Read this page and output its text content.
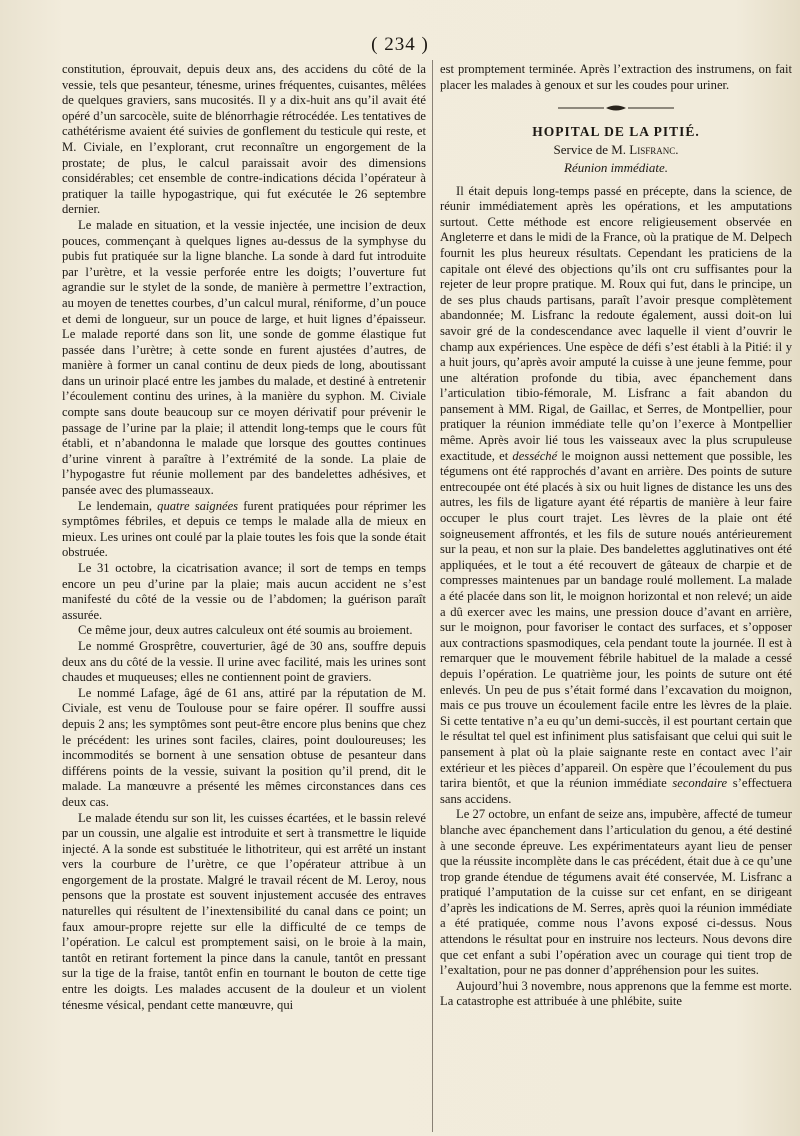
( 234 )

constitution, éprouvait, depuis deux ans, des accidens du côté de la vessie, tels que pesanteur, ténesme, urines fréquentes, cuisantes, mêlées de quelques graviers, sans mucosités. Il y a dix-huit ans qu’il avait été opéré d’un sarcocèle, suite de blénorrhagie rétrocédée. Les tentatives de cathétérisme avaient été suivies de gonflement du testicule qui reste, et M. Civiale, en l’explorant, crut reconnaître un engorgement de la prostate; de plus, le calcul paraissait avoir des dimensions considérables; cet ensemble de contre-indications décida l’opérateur à pratiquer la taille hypogastrique, qui fut exécutée le 26 septembre dernier.

Le malade en situation, et la vessie injectée, une incision de deux pouces, commençant à quelques lignes au-dessus de la symphyse du pubis fut pratiquée sur la ligne blanche. La sonde à dard fut introduite par l’urètre, et la vessie perforée entre les doigts; l’ouverture fut agrandie sur le stylet de la sonde, de manière à permettre l’extraction, au moyen de tenettes courbes, d’un calcul mural, réniforme, d’un pouce et demi de longueur, sur un pouce de large, et huit lignes d’épaisseur. Le malade reporté dans son lit, une sonde de gomme élastique fut passée dans l’urètre; à cette sonde en furent ajustées d’autres, de manière à former un canal continu de deux pieds de long, aboutissant dans un urinoir placé entre les jambes du malade, et destiné à entretenir l’écoulement continu des urines, à la manière du syphon. M. Civiale compte sans doute beaucoup sur ce moyen dérivatif pour prévenir le passage de l’urine par la plaie; il attendit long-temps que le cours fût établi, et n’abandonna le malade que lorsque des gouttes continues d’urine vinrent à paraître à l’extrémité de la sonde. La plaie de l’hypogastre fut réunie mollement par des bandelettes adhésives, et pansée avec des plumasseaux.

Le lendemain, quatre saignées furent pratiquées pour réprimer les symptômes fébriles, et depuis ce temps le malade alla de mieux en mieux. Les urines ont coulé par la plaie toutes les fois que la sonde était obstruée.

Le 31 octobre, la cicatrisation avance; il sort de temps en temps encore un peu d’urine par la plaie; mais aucun accident ne s’est manifesté du côté de la vessie ou de l’abdomen; la guérison paraît assurée.

Ce même jour, deux autres calculeux ont été soumis au broiement.

Le nommé Grosprêtre, couverturier, âgé de 30 ans, souffre depuis deux ans du côté de la vessie. Il urine avec facilité, mais les urines sont chaudes et muqueuses; elles ne contiennent point de graviers.

Le nommé Lafage, âgé de 61 ans, attiré par la réputation de M. Civiale, est venu de Toulouse pour se faire opérer. Il souffre aussi depuis 2 ans; les symptômes sont peut-être encore plus benins que chez le précédent: les urines sont faciles, claires, point douloureuses; les incommodités se bornent à une sensation obtuse de pesanteur dans différens points de la vessie, suivant la position qu’il prend, dit le malade. La manœuvre a présenté les mêmes circonstances dans ces deux cas.

Le malade étendu sur son lit, les cuisses écartées, et le bassin relevé par un coussin, une algalie est introduite et sert à transmettre le liquide injecté. A la sonde est substituée le lithotriteur, qui est arrêté un instant vers la courbure de l’urètre, ce que l’opérateur attribue à un engorgement de la prostate. Malgré le travail récent de M. Leroy, nous pensons que la prostate est souvent injustement accusée des entraves naturelles qui résultent de l’inextensibilité du canal dans ce point; un faux amour-propre rejette sur elle la difficulté de ce temps de l’opération. Le calcul est promptement saisi, on le broie à la main, tantôt en retirant fortement la pince dans la canule, tantôt en pressant sur la tige de la fraise, tantôt enfin en tournant le bouton de cette tige entre les doigts. Les malades accusent de la douleur et un violent ténesme vésical, pendant cette manœuvre, qui

est promptement terminée. Après l’extraction des instrumens, on fait placer les malades à genoux et sur les coudes pour uriner.

HOPITAL DE LA PITIÉ.
Service de M. Lisfranc.
Réunion immédiate.

Il était depuis long-temps passé en précepte, dans la science, de réunir immédiatement après les opérations, et les amputations surtout. Cette méthode est encore religieusement observée en Angleterre et dans le midi de la France, où la pratique de M. Delpech fournit les plus heureux résultats. Cependant les praticiens de la capitale ont élevé des objections qu’ils ont cru suffisantes pour la rejeter de leur propre pratique. M. Roux qui fut, dans le principe, un de ses plus chauds partisans, paraît l’avoir presque complètement abandonnée; M. Lisfranc la redoute également, aussi doit-on lui savoir gré de la condescendance avec laquelle il vient d’ouvrir le champ aux expériences. Une espèce de défi s’est établi à la Pitié: il y a huit jours, qu’après avoir amputé la cuisse à une jeune femme, pour une altération profonde du tibia, avec épanchement dans l’articulation tibio-fémorale, M. Lisfranc a fait abandon du pansement à MM. Rigal, de Gaillac, et Serres, de Montpellier, pour pratiquer la réunion immédiate telle qu’on l’exerce à Montpellier même. Après avoir lié tous les vaisseaux avec la plus scrupuleuse exactitude, et desséché le moignon aussi nettement que possible, les tégumens ont été rapprochés d’avant en arrière. Des points de suture entrecoupée ont été placés à six ou huit lignes de distance les uns des autres, les fils de ligature ayant été répartis de manière à leur faire occuper le plus court trajet. Les lèvres de la plaie ont été soigneusement affrontés, et les fils de suture noués antérieurement sur la peau, et non sur la plaie. Des bandelettes agglutinatives ont été appliquées, et le tout a été recouvert de gâteaux de charpie et de compresses maintenues par un bandage roulé mollement. La malade a été placée dans son lit, le moignon horizontal et non relevé; un aide a dû exercer avec les mains, une pression douce d’avant en arrière, sur le moignon, pour favoriser le contact des surfaces, et s’opposer aux contractions spasmodiques, cela pendant toute la journée. Il est à remarquer que le mouvement fébrile habituel de la malade a cessé depuis l’opération. Le quatrième jour, les points de suture ont été enlevés. Un peu de pus s’était formé dans l’excavation du moignon, mais ce pus trouve un écoulement facile entre les lèvres de la plaie. Si cette tentative n’a eu qu’un demi-succès, il est pourtant certain que le résultat tel quel est infiniment plus satisfaisant que celui qui suit le pansement à plat où la plaie saignante reste en contact avec l’air extérieur et les pièces d’appareil. On espère que l’écoulement du pus tarira bientôt, et que la réunion immédiate secondaire s’effectuera sans accidens.

Le 27 octobre, un enfant de seize ans, impubère, affecté de tumeur blanche avec épanchement dans l’articulation du genou, a été destiné à une seconde épreuve. Les expérimentateurs ayant lieu de penser que la réussite incomplète dans le cas précédent, était due à ce qu’une trop grande étendue de tégumens avait été conservée, M. Lisfranc a pratiqué l’amputation de la cuisse sur cet enfant, en se dirigeant d’après les indications de M. Serres, après quoi la réunion immédiate a été pratiquée, comme nous l’avons exposé ci-dessus. Nous attendons le résultat pour en instruire nos lecteurs. Nous devons dire que cet enfant a subi l’opération avec un courage qui tient trop de l’exaltation, pour ne pas donner d’appréhension pour les suites.

Aujourd’hui 3 novembre, nous apprenons que la femme est morte. La catastrophe est attribuée à une phlébite, suite
